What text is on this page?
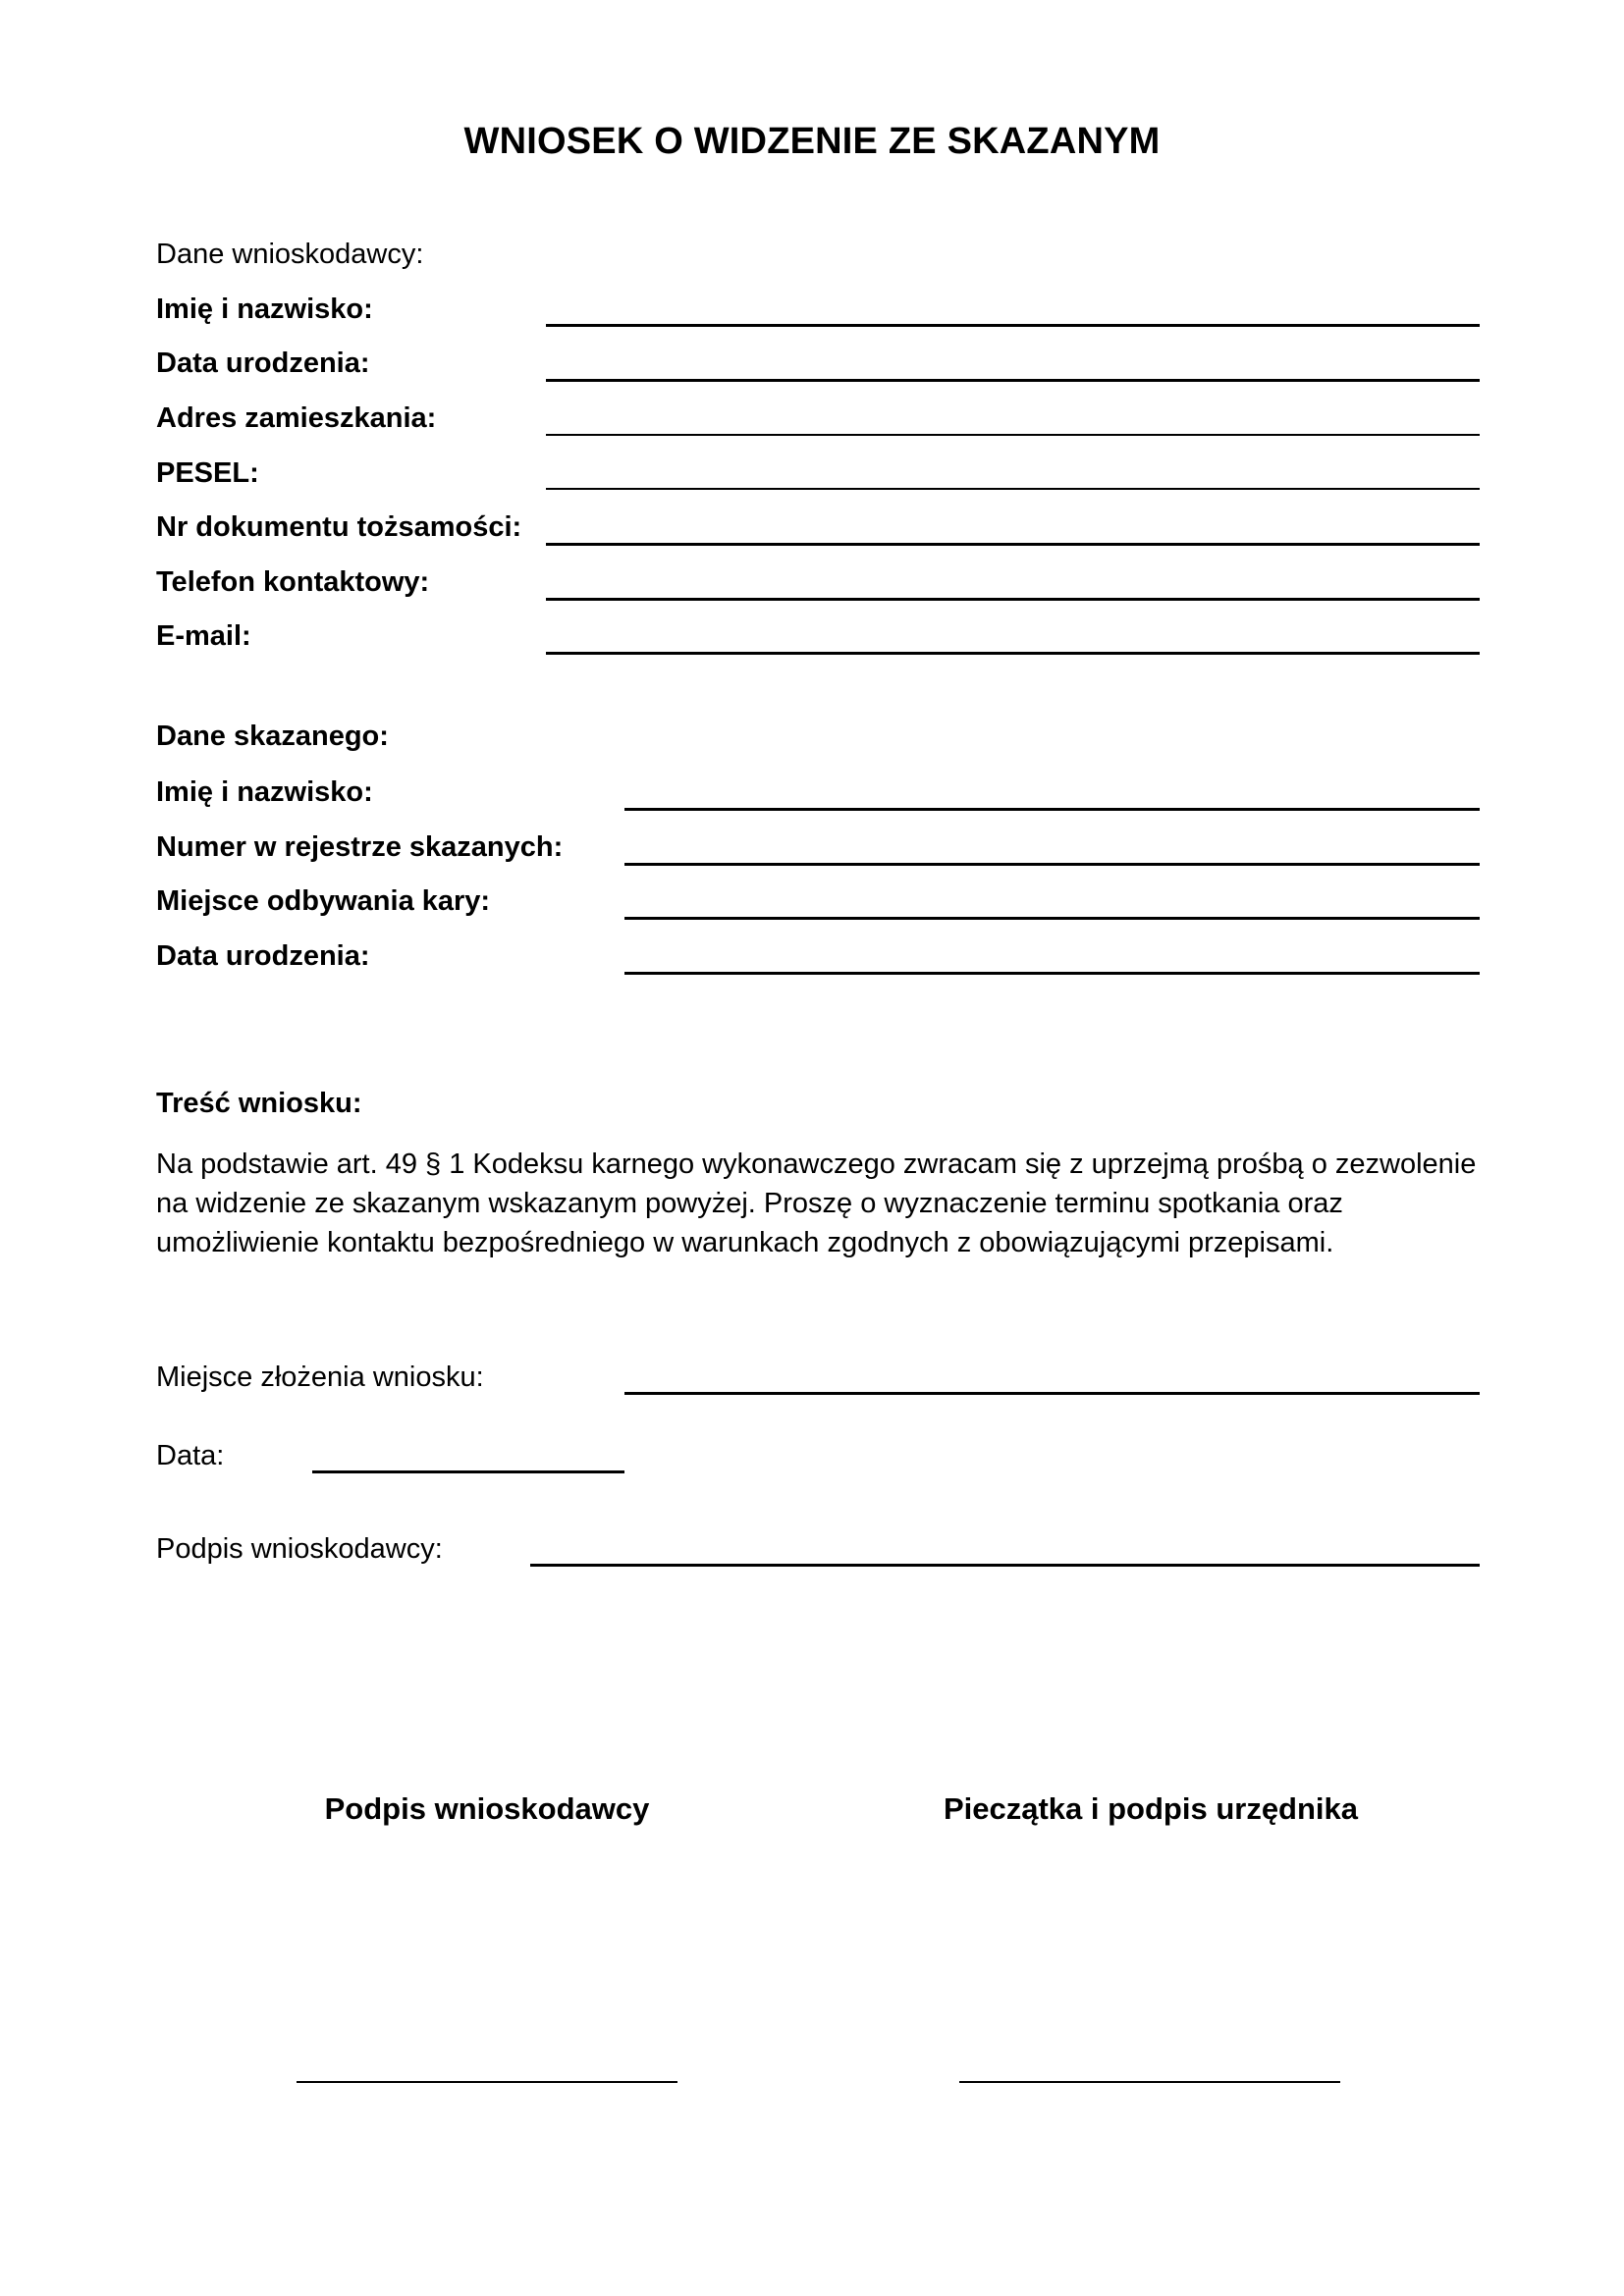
WNIOSEK O WIDZENIE ZE SKAZANYM
Dane wnioskodawcy:
Imię i nazwisko:
Data urodzenia:
Adres zamieszkania:
PESEL:
Nr dokumentu tożsamości:
Telefon kontaktowy:
E-mail:
Dane skazanego:
Imię i nazwisko:
Numer w rejestrze skazanych:
Miejsce odbywania kary:
Data urodzenia:
Treść wniosku:
Na podstawie art. 49 § 1 Kodeksu karnego wykonawczego zwracam się z uprzejmą prośbą o zezwolenie na widzenie ze skazanym wskazanym powyżej. Proszę o wyznaczenie terminu spotkania oraz umożliwienie kontaktu bezpośredniego w warunkach zgodnych z obowiązującymi przepisami.
Miejsce złożenia wniosku:
Data:
Podpis wnioskodawcy:
Podpis wnioskodawcy	Pieczątka i podpis urzędnika
